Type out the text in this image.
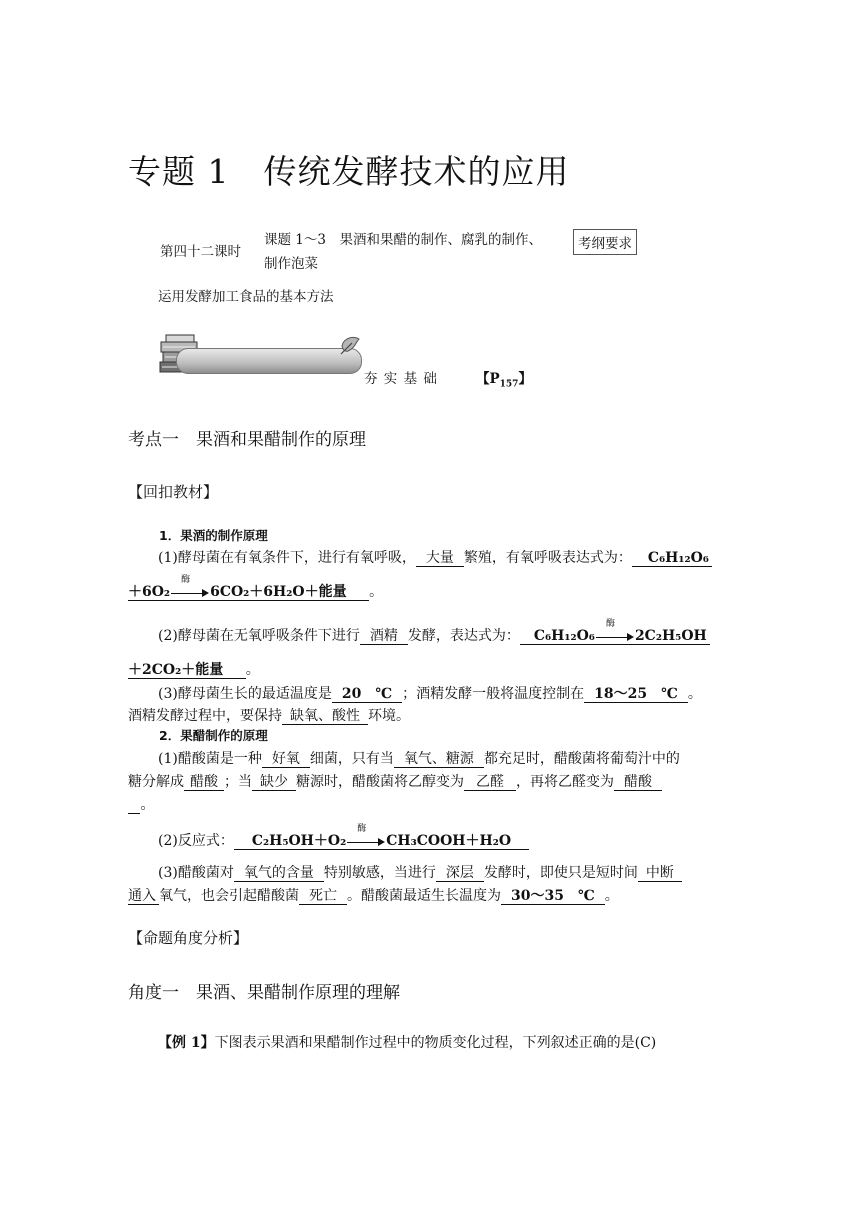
专题 1　传统发酵技术的应用
第四十二课时
课题 1～3　果酒和果醋的制作、腐乳的制作、
制作泡菜
考纲要求
运用发酵加工食品的基本方法
夯 实 基 础	【$P_{157}$】
考点一　果酒和果醋制作的原理
【回扣教材】
1．果酒的制作原理
(1)酵母菌在有氧条件下，进行有氧呼吸， 大量 繁殖，有氧呼吸表达式为： C₆H₁₂O₆
＋6O₂
酶
6CO₂＋6H₂O＋能量 。
(2)酵母菌在无氧呼吸条件下进行 酒精 发酵，表达式为： C₆H₁₂O₆
酶
2C₂H₅OH
＋2CO₂＋能量 。
(3)酵母菌生长的最适温度是 20　℃ ；酒精发酵一般将温度控制在 18～25　℃ 。
酒精发酵过程中，要保持 缺氧、酸性 环境。
2．果醋制作的原理
(1)醋酸菌是一种 好氧 细菌，只有当 氧气、糖源 都充足时，醋酸菌将葡萄汁中的
糖分解成 醋酸 ；当 缺少 糖源时，醋酸菌将乙醇变为 乙醛 ，再将乙醛变为 醋酸
。
(2)反应式： C₂H₅OH＋O₂
酶
CH₃COOH＋H₂O
(3)醋酸菌对 氧气的含量 特别敏感，当进行 深层 发酵时，即使只是短时间 中断
通入 氧气，也会引起醋酸菌 死亡 。醋酸菌最适生长温度为 30～35　℃ 。
【命题角度分析】
角度一　果酒、果醋制作原理的理解
【例 1】下图表示果酒和果醋制作过程中的物质变化过程，下列叙述正确的是(C)
